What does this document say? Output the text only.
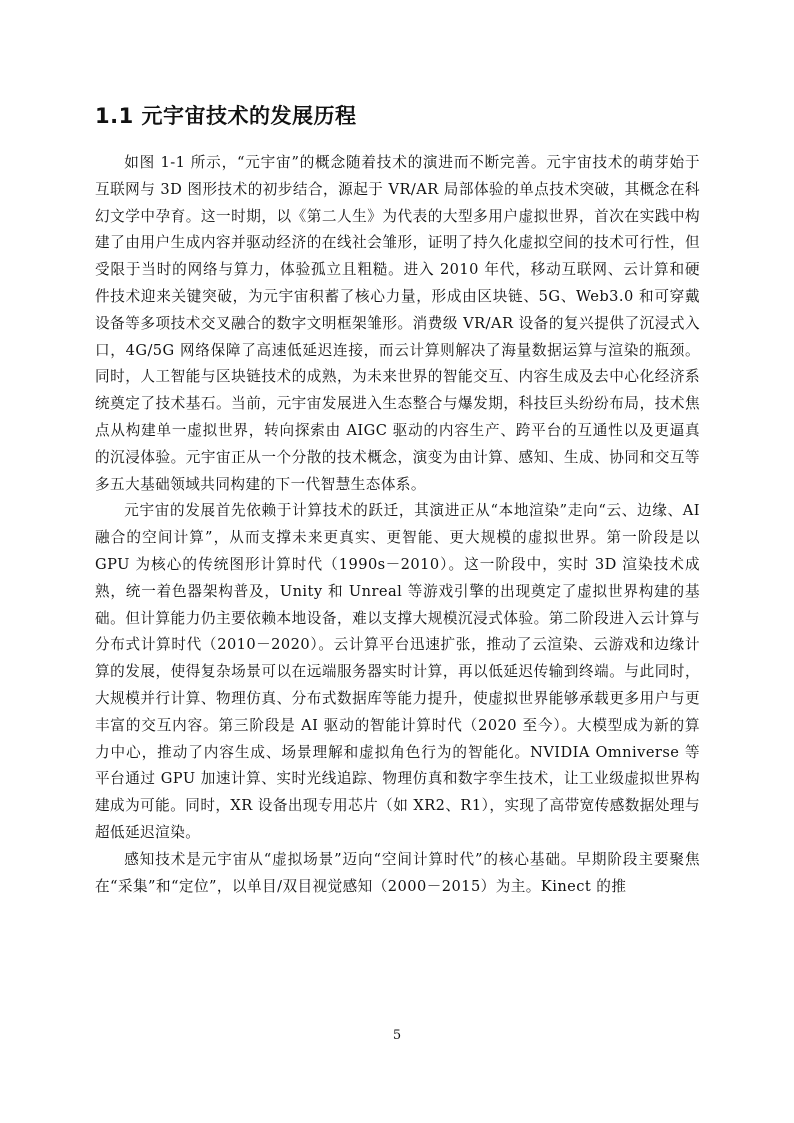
1.1 元宇宙技术的发展历程

如图 1-1 所示，“元宇宙”的概念随着技术的演进而不断完善。元宇宙技术的萌芽始于互联网与 3D 图形技术的初步结合，源起于 VR/AR 局部体验的单点技术突破，其概念在科幻文学中孕育。这一时期，以《第二人生》为代表的大型多用户虚拟世界，首次在实践中构建了由用户生成内容并驱动经济的在线社会雏形，证明了持久化虚拟空间的技术可行性，但受限于当时的网络与算力，体验孤立且粗糙。进入 2010 年代，移动互联网、云计算和硬件技术迎来关键突破，为元宇宙积蓄了核心力量，形成由区块链、5G、Web3.0 和可穿戴设备等多项技术交叉融合的数字文明框架雏形。消费级 VR/AR 设备的复兴提供了沉浸式入口，4G/5G 网络保障了高速低延迟连接，而云计算则解决了海量数据运算与渲染的瓶颈。同时，人工智能与区块链技术的成熟，为未来世界的智能交互、内容生成及去中心化经济系统奠定了技术基石。当前，元宇宙发展进入生态整合与爆发期，科技巨头纷纷布局，技术焦点从构建单一虚拟世界，转向探索由 AIGC 驱动的内容生产、跨平台的互通性以及更逼真的沉浸体验。元宇宙正从一个分散的技术概念，演变为由计算、感知、生成、协同和交互等多五大基础领域共同构建的下一代智慧生态体系。

元宇宙的发展首先依赖于计算技术的跃迁，其演进正从“本地渲染”走向“云、边缘、AI 融合的空间计算”，从而支撑未来更真实、更智能、更大规模的虚拟世界。第一阶段是以 GPU 为核心的传统图形计算时代（1990s－2010）。这一阶段中，实时 3D 渲染技术成熟，统一着色器架构普及，Unity 和 Unreal 等游戏引擎的出现奠定了虚拟世界构建的基础。但计算能力仍主要依赖本地设备，难以支撑大规模沉浸式体验。第二阶段进入云计算与分布式计算时代（2010－2020）。云计算平台迅速扩张，推动了云渲染、云游戏和边缘计算的发展，使得复杂场景可以在远端服务器实时计算，再以低延迟传输到终端。与此同时，大规模并行计算、物理仿真、分布式数据库等能力提升，使虚拟世界能够承载更多用户与更丰富的交互内容。第三阶段是 AI 驱动的智能计算时代（2020 至今）。大模型成为新的算力中心，推动了内容生成、场景理解和虚拟角色行为的智能化。NVIDIA Omniverse 等平台通过 GPU 加速计算、实时光线追踪、物理仿真和数字孪生技术，让工业级虚拟世界构建成为可能。同时，XR 设备出现专用芯片（如 XR2、R1），实现了高带宽传感数据处理与超低延迟渲染。

感知技术是元宇宙从“虚拟场景”迈向“空间计算时代”的核心基础。早期阶段主要聚焦在“采集”和“定位”，以单目/双目视觉感知（2000－2015）为主。Kinect 的推

5
